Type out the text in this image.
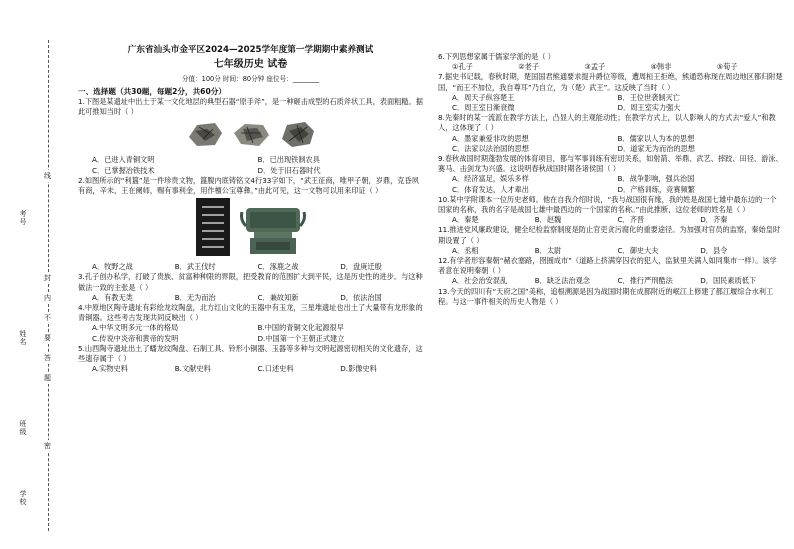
考号
姓名
班级
学校
线
封
内
不
要
答
题
密
广东省汕头市金平区2024—2025学年度第一学期期中素养测试
七年级历史 试卷
分值：100分 时间：80分钟 座位号：________
一、选择题（共30题，每题2分，共60分）

1.下图是某遗址中出土于某一文化地层的典型石器“原手斧”，是一种砸击成型的石质斧状工具，表面粗糙。据此可推知当时（ ）

A．已进入青铜文明	B．已出现铁制农具
C．已掌握冶铁技术	D．处于旧石器时代

2.如图所示的“利簋”是一件珍贵文物，簋腹内底铸铭文4行33字如下，“武王征商，唯甲子朝，岁鼎，克昏夙有商，辛未，王在阑师，赐有事利金，用作檀公宝尊彝。”由此可见，这一文物可以用来印证（ ）

A．牧野之战	B．武王伐纣	C．涿鹿之战	D．盘庚迁殷

3.孔子创办私学，打破了贵族、贫富种种限的界限，把受教育的范围扩大到平民，这是历史性的进步。与这种做法一致的主张是（ ）

A．有教无类	B．无为而治	C．兼故知新	D．依法治国

4.中原地区陶寺遗址有彩绘龙纹陶盘，北方红山文化的玉器中有玉龙，三星堆遗址也出土了大量带有龙形象的青铜器。这些考古发现共同反映出（ ）

A.中华文明多元一体的格局	B.中国的青铜文化起源很早
C.传说中炎帝和黄帝的发明	D.中国第一个王朝正式建立

5.山西陶寺遗址出土了蟠龙纹陶盘、石制工具、铃形小铜器、玉器等多种与文明起源密切相关的文化遗存，这些遗存属于（ ）

A.实物史料	B.文献史料	C.口述史料	D.影像史料

6.下列思想家属于儒家学派的是（ ）

①孔子	②老子	③孟子	④韩非	⑤荀子

7.据史书记载，春秋时期，楚国国君熊通要求提升爵位等级，遭周桓王拒绝，熊通恐称现在周边地区都归附楚国，“而王不加位，我自尊耳”乃自立，为（楚）武王”。这反映了当时（ ）

A．周天子纵容楚王	B．王位世袭制灭亡
C．周王室日渐衰微	D．周王室实力强大

8.先秦时的某一流派在教学方法上，凸显人的主观能动性；在教学方式上，以人影响人的方式去“爱人”和教人，这体现了（ ）

A．墨家兼爱非攻的思想	B．儒家以人为本的思想
C．法家以法治国的思想	D．道家无为而治的思想

9.春秋战国时期蓬勃发展的体育项目，都与军事训练有密切关系，如射箭、举鼎、武艺、摔跤、田径、游泳、赛马、击剑龙为兴盛。这说明春秋战国时期各诸侯国（ ）

A．经济富足，娱乐多样	B．战争影响，强兵治国
C．体育发达，人才辈出	D．产格训练，竞赛频繁

10.某中学附课本一位历史老师。他在自我介绍时说，“我与战国很有缘，我的姓是战国七雄中最东边的一个国家的名称，我的名字是战国七雄中最西边的一个国家的名称。”由此推断，这位老师的姓名是（ ）

A．秦楚	B．赵魏	C．齐晋	D．齐秦

11.推进党风廉政建设，健全纪检监察制度是防止官吏贪污腐化的重要途径。为加强对官员的监察，秦始皇时期设置了（ ）

A．丞相	B．太尉	C．御史大夫	D．县令

12.有学者形容秦朝“赭衣塞路，囹圄成市”（道路上挤满穿囚衣的犯人，监狱里关满人如同集市一样）。该学者意在说明秦朝（ ）

A．社会治安混乱	B．缺乏法治观念	C．推行严刑酷法	D．国民素质低下

13.今天的四川有“天府之国”美称，追根溯源是因为战国时期在成都附近的岷江上修建了都江堰综合水利工程。与这一事件相关的历史人物是（ ）
